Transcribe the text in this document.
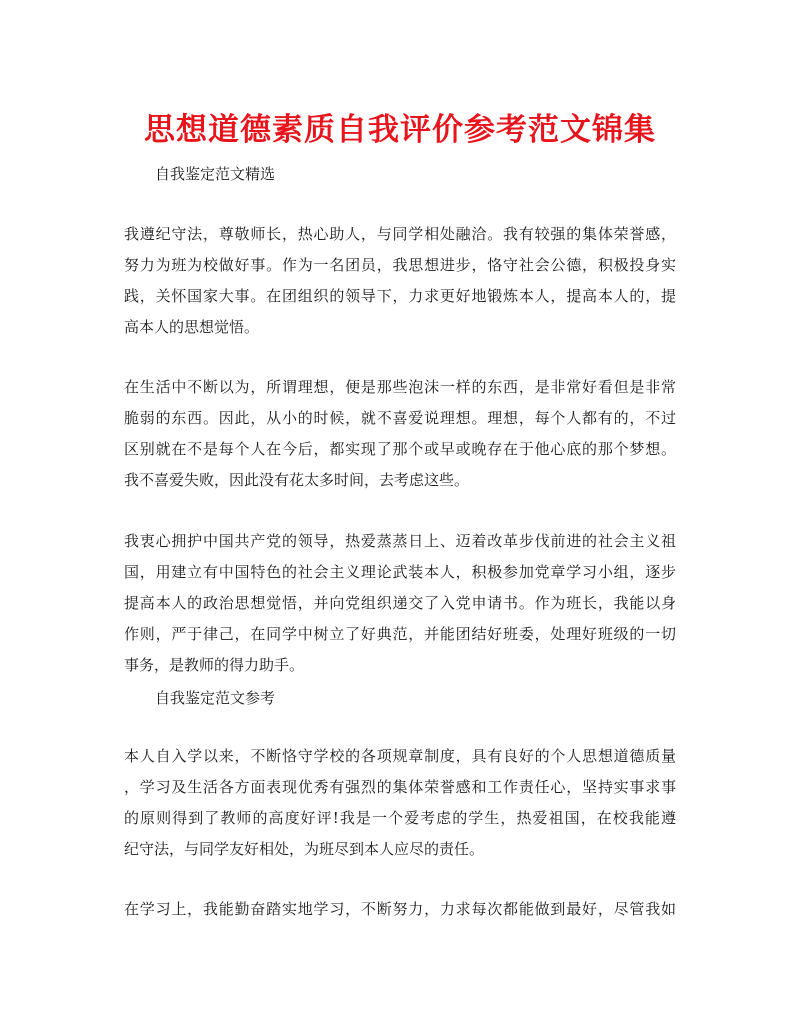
思想道德素质自我评价参考范文锦集

自我鉴定范文精选

我遵纪守法，尊敬师长，热心助人，与同学相处融洽。我有较强的集体荣誉感，
努力为班为校做好事。作为一名团员，我思想进步，恪守社会公德，积极投身实
践，关怀国家大事。在团组织的领导下，力求更好地锻炼本人，提高本人的，提
高本人的思想觉悟。

在生活中不断以为，所谓理想，便是那些泡沫一样的东西，是非常好看但是非常
脆弱的东西。因此，从小的时候，就不喜爱说理想。理想，每个人都有的，不过
区别就在不是每个人在今后，都实现了那个或早或晚存在于他心底的那个梦想。
我不喜爱失败，因此没有花太多时间，去考虑这些。

我衷心拥护中国共产党的领导，热爱蒸蒸日上、迈着改革步伐前进的社会主义祖
国，用建立有中国特色的社会主义理论武装本人，积极参加党章学习小组，逐步
提高本人的政治思想觉悟，并向党组织递交了入党申请书。作为班长，我能以身
作则，严于律己，在同学中树立了好典范，并能团结好班委，处理好班级的一切
事务，是教师的得力助手。

自我鉴定范文参考

本人自入学以来，不断恪守学校的各项规章制度，具有良好的个人思想道德质量
，学习及生活各方面表现优秀有强烈的集体荣誉感和工作责任心，坚持实事求事
的原则得到了教师的高度好评!我是一个爱考虑的学生，热爱祖国，在校我能遵
纪守法，与同学友好相处，为班尽到本人应尽的责任。

在学习上，我能勤奋踏实地学习，不断努力，力求每次都能做到最好，尽管我如
